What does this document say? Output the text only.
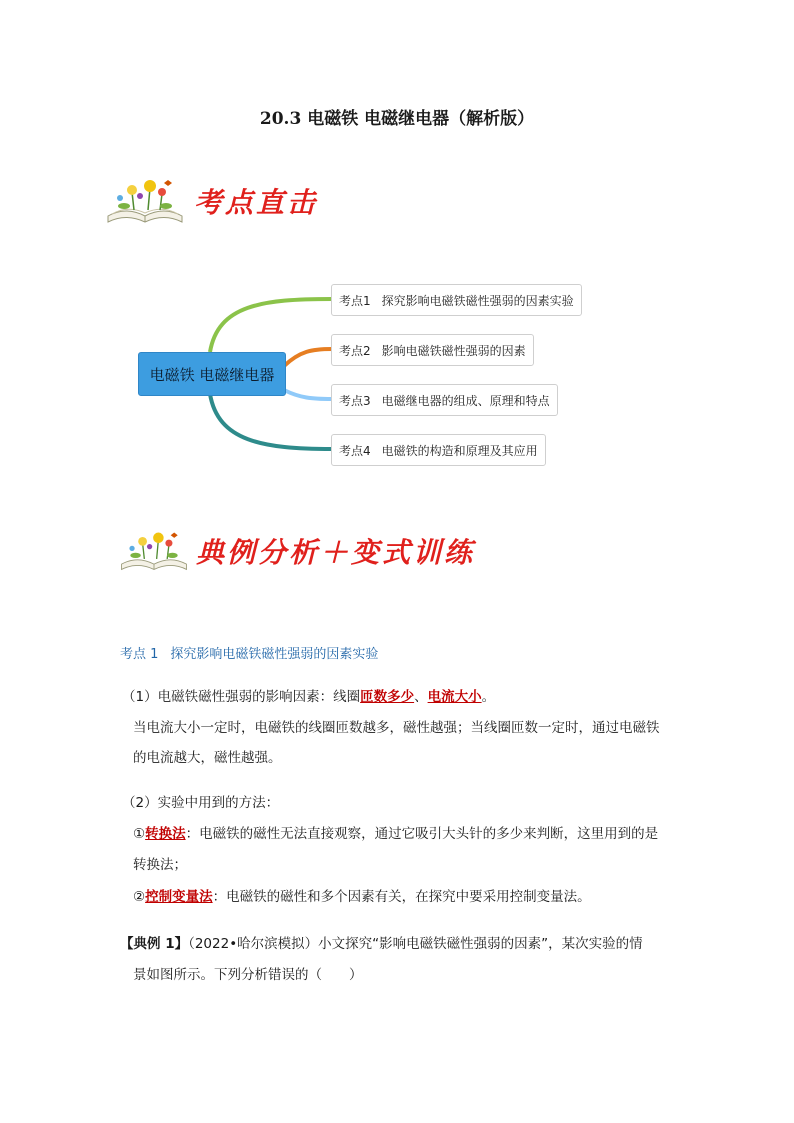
20.3 电磁铁 电磁继电器（解析版）
考点直击
电磁铁 电磁继电器
考点1 探究影响电磁铁磁性强弱的因素实验
考点2 影响电磁铁磁性强弱的因素
考点3 电磁继电器的组成、原理和特点
考点4 电磁铁的构造和原理及其应用
典例分析＋变式训练
考点 1 探究影响电磁铁磁性强弱的因素实验
（1）电磁铁磁性强弱的影响因素：线圈匝数多少、电流大小。
当电流大小一定时，电磁铁的线圈匝数越多，磁性越强；当线圈匝数一定时，通过电磁铁
的电流越大，磁性越强。
（2）实验中用到的方法：
①转换法：电磁铁的磁性无法直接观察，通过它吸引大头针的多少来判断，这里用到的是
转换法；
②控制变量法：电磁铁的磁性和多个因素有关，在探究中要采用控制变量法。
【典例 1】（2022•哈尔滨模拟）小文探究“影响电磁铁磁性强弱的因素”，某次实验的情
景如图所示。下列分析错误的（　　）
